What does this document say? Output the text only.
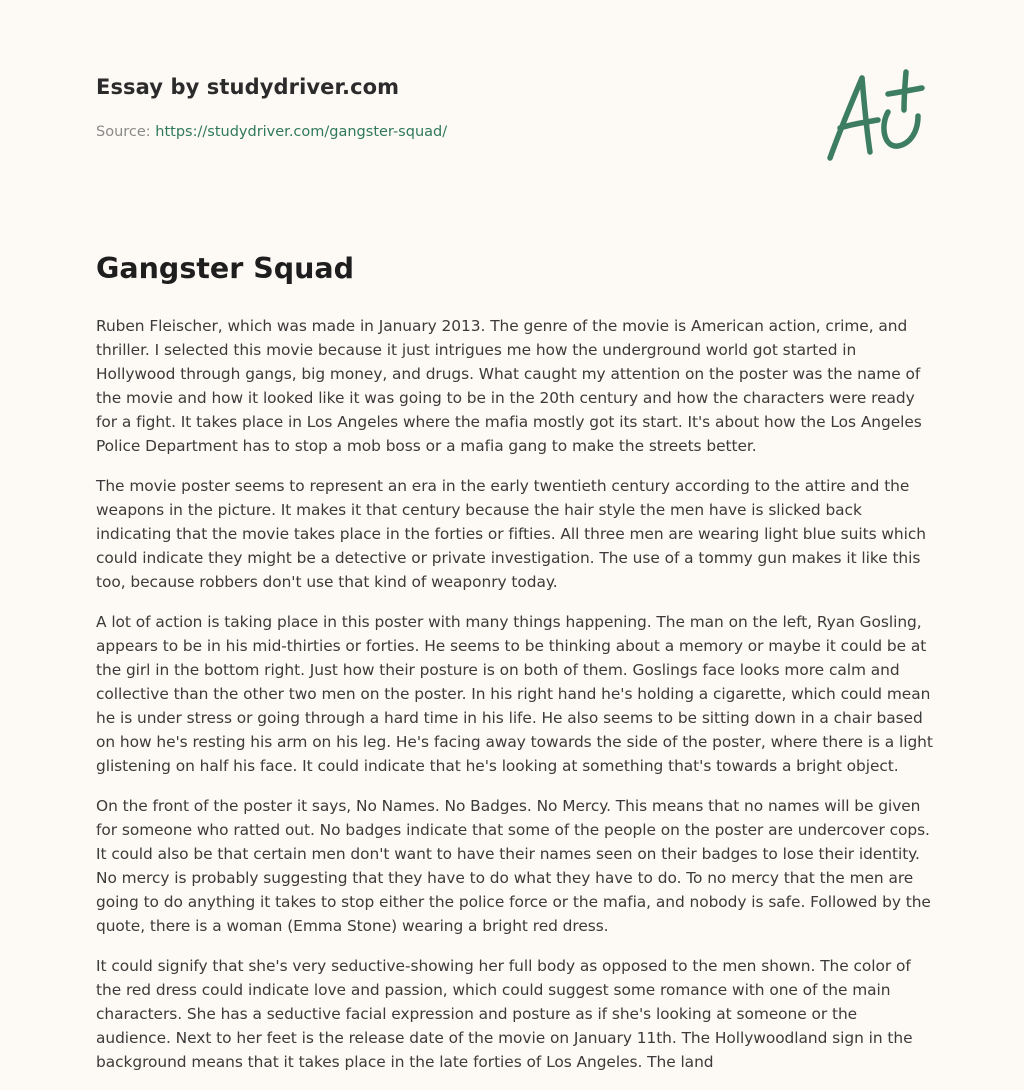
Essay by studydriver.com
Source: https://studydriver.com/gangster-squad/
Gangster Squad

Ruben Fleischer, which was made in January 2013. The genre of the movie is American action, crime, and thriller. I selected this movie because it just intrigues me how the underground world got started in Hollywood through gangs, big money, and drugs. What caught my attention on the poster was the name of the movie and how it looked like it was going to be in the 20th century and how the characters were ready for a fight. It takes place in Los Angeles where the mafia mostly got its start. It's about how the Los Angeles Police Department has to stop a mob boss or a mafia gang to make the streets better.

The movie poster seems to represent an era in the early twentieth century according to the attire and the weapons in the picture. It makes it that century because the hair style the men have is slicked back indicating that the movie takes place in the forties or fifties. All three men are wearing light blue suits which could indicate they might be a detective or private investigation. The use of a tommy gun makes it like this too, because robbers don't use that kind of weaponry today.

A lot of action is taking place in this poster with many things happening. The man on the left, Ryan Gosling, appears to be in his mid-thirties or forties. He seems to be thinking about a memory or maybe it could be at the girl in the bottom right. Just how their posture is on both of them. Goslings face looks more calm and collective than the other two men on the poster. In his right hand he's holding a cigarette, which could mean he is under stress or going through a hard time in his life. He also seems to be sitting down in a chair based on how he's resting his arm on his leg. He's facing away towards the side of the poster, where there is a light glistening on half his face. It could indicate that he's looking at something that's towards a bright object.

On the front of the poster it says, No Names. No Badges. No Mercy. This means that no names will be given for someone who ratted out. No badges indicate that some of the people on the poster are undercover cops. It could also be that certain men don't want to have their names seen on their badges to lose their identity. No mercy is probably suggesting that they have to do what they have to do. To no mercy that the men are going to do anything it takes to stop either the police force or the mafia, and nobody is safe. Followed by the quote, there is a woman (Emma Stone) wearing a bright red dress.

It could signify that she's very seductive-showing her full body as opposed to the men shown. The color of the red dress could indicate love and passion, which could suggest some romance with one of the main characters. She has a seductive facial expression and posture as if she's looking at someone or the audience. Next to her feet is the release date of the movie on January 11th. The Hollywoodland sign in the background means that it takes place in the late forties of Los Angeles. The land
